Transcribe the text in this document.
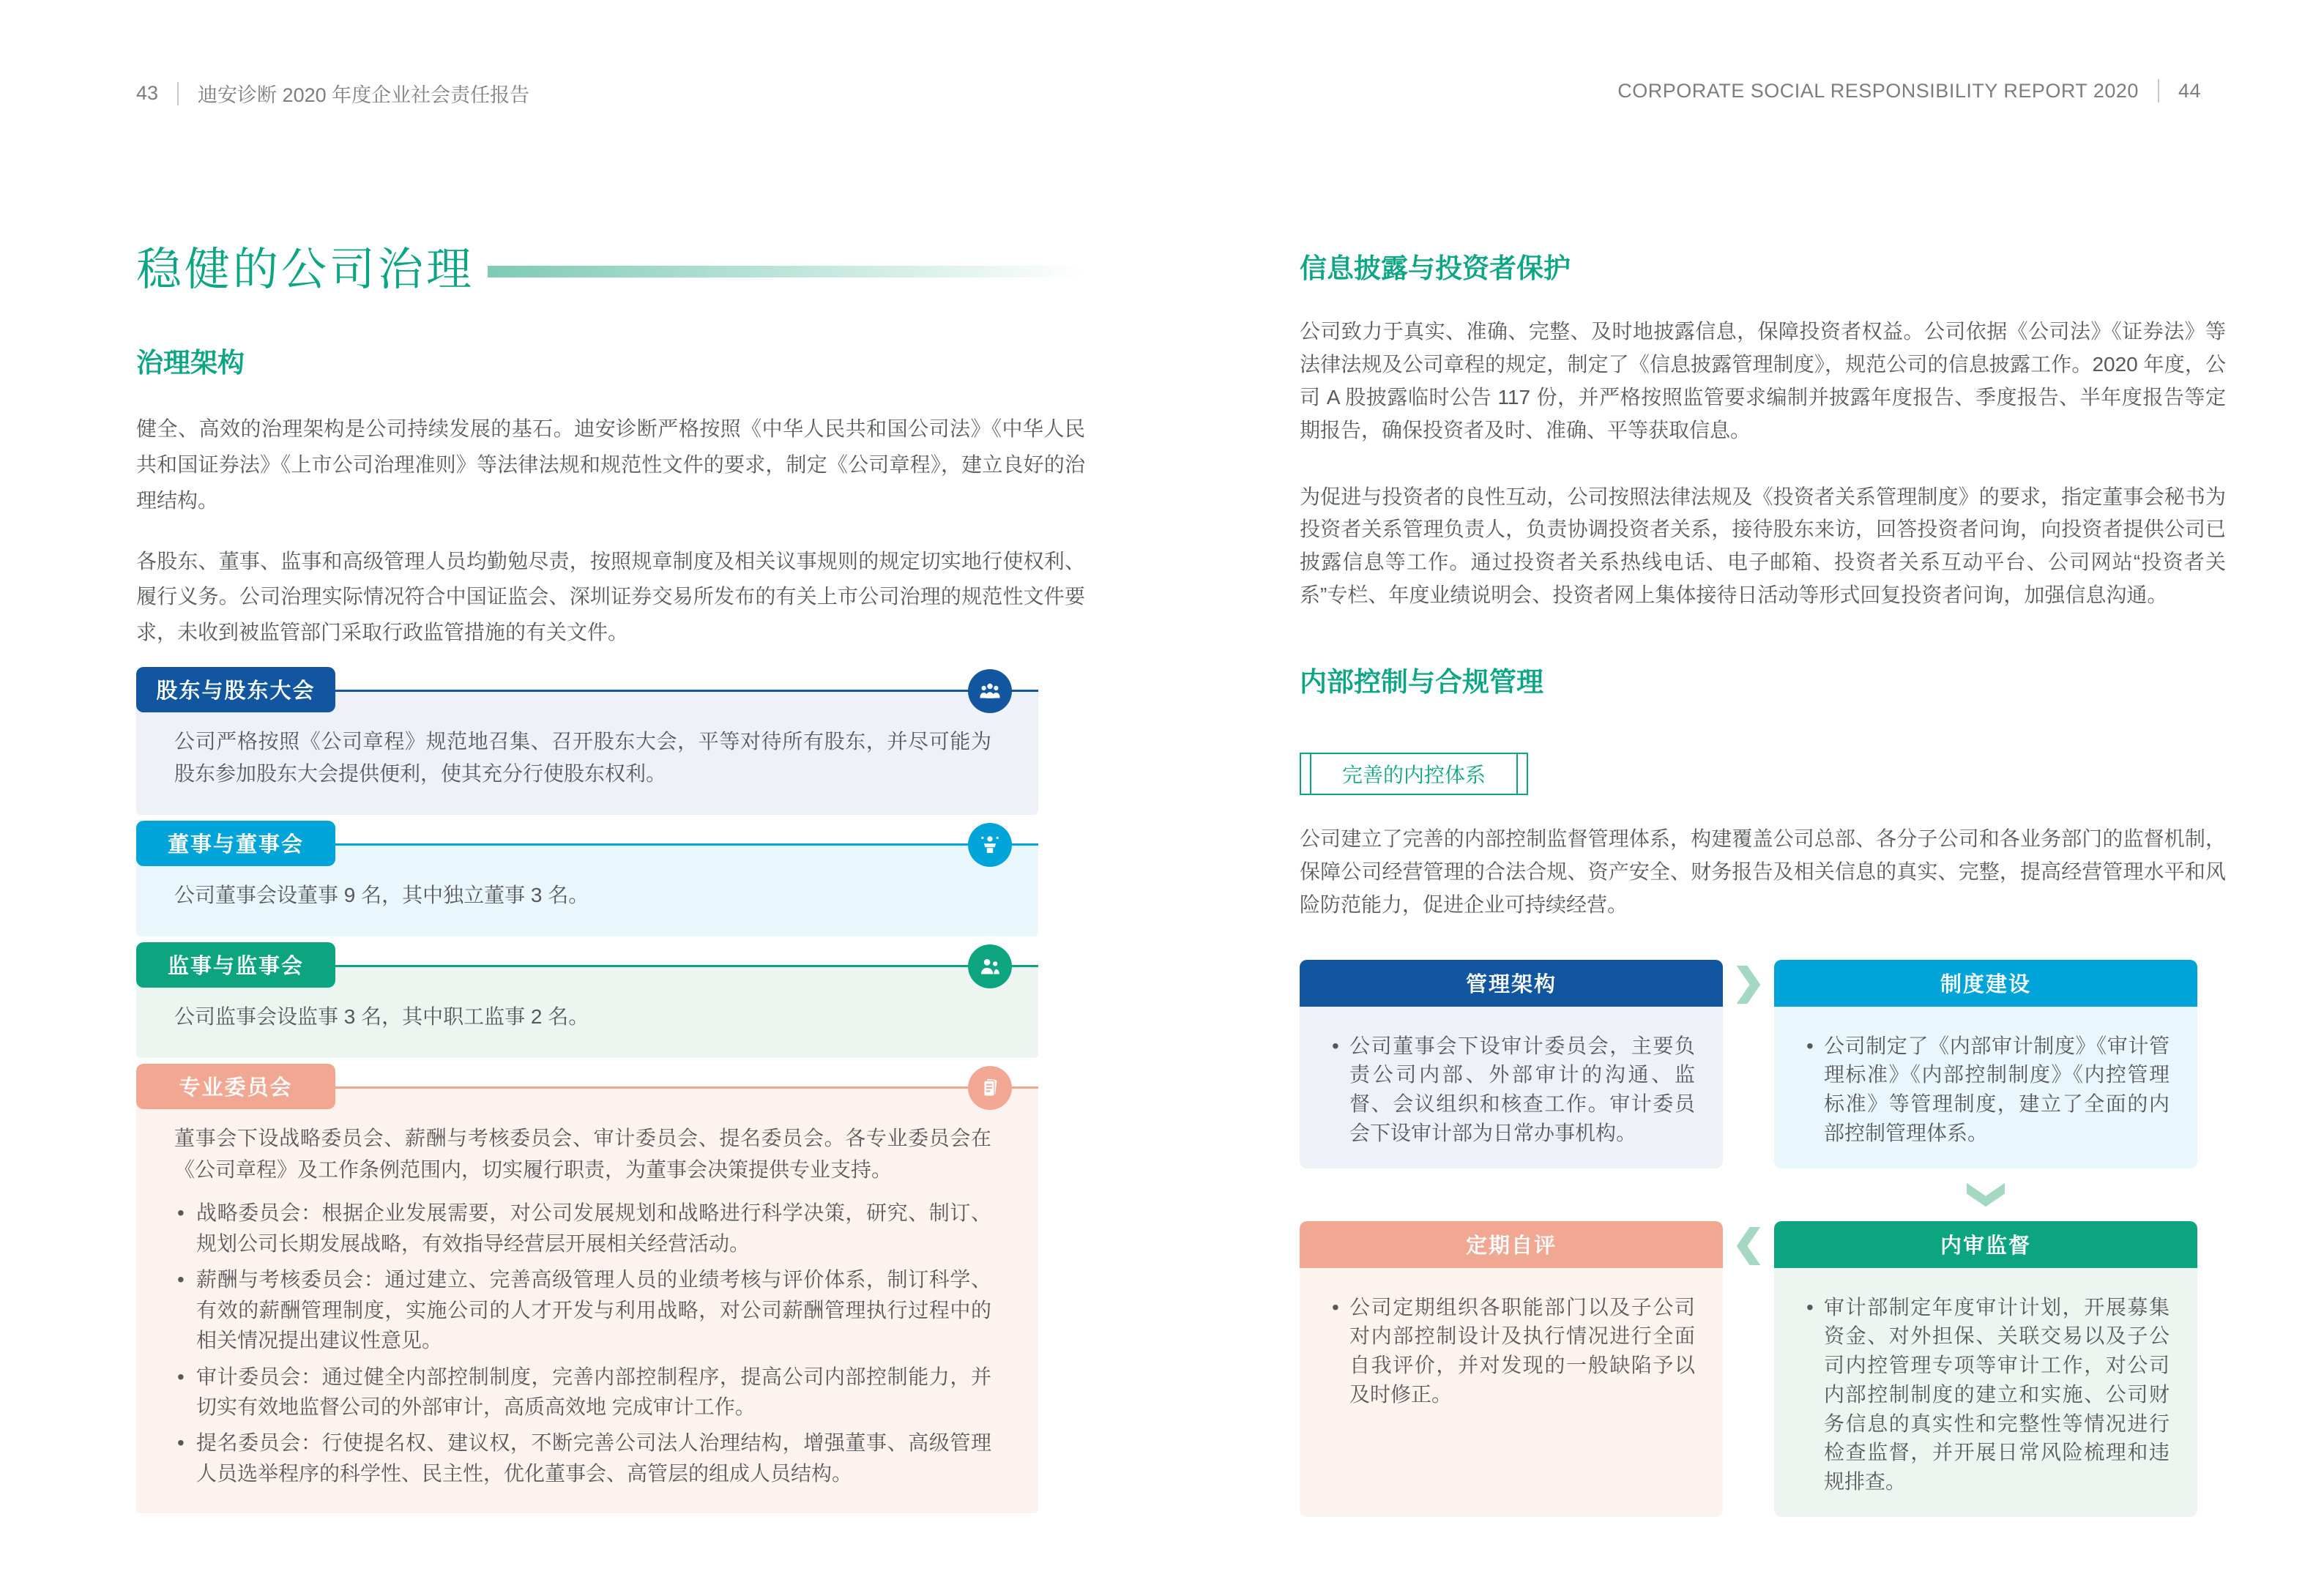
43 迪安诊断 2020 年度企业社会责任报告	CORPORATE SOCIAL RESPONSIBILITY REPORT 2020 44
稳健的公司治理
治理架构

健全、高效的治理架构是公司持续发展的基石。迪安诊断严格按照《中华人民共和国公司法》《中华人民共和国证券法》《上市公司治理准则》等法律法规和规范性文件的要求，制定《公司章程》，建立良好的治理结构。

各股东、董事、监事和高级管理人员均勤勉尽责，按照规章制度及相关议事规则的规定切实地行使权利、履行义务。公司治理实际情况符合中国证监会、深圳证券交易所发布的有关上市公司治理的规范性文件要求，未收到被监管部门采取行政监管措施的有关文件。

股东与股东大会

公司严格按照《公司章程》规范地召集、召开股东大会，平等对待所有股东，并尽可能为股东参加股东大会提供便利，使其充分行使股东权利。

董事与董事会

公司董事会设董事 9 名，其中独立董事 3 名。

监事与监事会

公司监事会设监事 3 名，其中职工监事 2 名。

专业委员会

董事会下设战略委员会、薪酬与考核委员会、审计委员会、提名委员会。各专业委员会在《公司章程》及工作条例范围内，切实履行职责，为董事会决策提供专业支持。

• 战略委员会：根据企业发展需要，对公司发展规划和战略进行科学决策，研究、制订、规划公司长期发展战略，有效指导经营层开展相关经营活动。
• 薪酬与考核委员会：通过建立、完善高级管理人员的业绩考核与评价体系，制订科学、有效的薪酬管理制度，实施公司的人才开发与利用战略，对公司薪酬管理执行过程中的相关情况提出建议性意见。
• 审计委员会：通过健全内部控制制度，完善内部控制程序，提高公司内部控制能力，并切实有效地监督公司的外部审计，高质高效地 完成审计工作。
• 提名委员会：行使提名权、建议权，不断完善公司法人治理结构，增强董事、高级管理人员选举程序的科学性、民主性，优化董事会、高管层的组成人员结构。
信息披露与投资者保护

公司致力于真实、准确、完整、及时地披露信息，保障投资者权益。公司依据《公司法》《证券法》等法律法规及公司章程的规定，制定了《信息披露管理制度》，规范公司的信息披露工作。2020 年度，公司 A 股披露临时公告 117 份，并严格按照监管要求编制并披露年度报告、季度报告、半年度报告等定期报告，确保投资者及时、准确、平等获取信息。

为促进与投资者的良性互动，公司按照法律法规及《投资者关系管理制度》的要求，指定董事会秘书为投资者关系管理负责人，负责协调投资者关系，接待股东来访，回答投资者问询，向投资者提供公司已披露信息等工作。通过投资者关系热线电话、电子邮箱、投资者关系互动平台、公司网站“投资者关系”专栏、年度业绩说明会、投资者网上集体接待日活动等形式回复投资者问询，加强信息沟通。

内部控制与合规管理
完善的内控体系

公司建立了完善的内部控制监督管理体系，构建覆盖公司总部、各分子公司和各业务部门的监督机制，保障公司经营管理的合法合规、资产安全、财务报告及相关信息的真实、完整，提高经营管理水平和风险防范能力，促进企业可持续经营。

管理架构
• 公司董事会下设审计委员会，主要负责公司内部、外部审计的沟通、监督、会议组织和核查工作。审计委员会下设审计部为日常办事机构。
制度建设
• 公司制定了《内部审计制度》《审计管理标准》《内部控制制度》《内控管理标准》等管理制度，建立了全面的内部控制管理体系。
定期自评
• 公司定期组织各职能部门以及子公司对内部控制设计及执行情况进行全面自我评价，并对发现的一般缺陷予以及时修正。
内审监督
• 审计部制定年度审计计划，开展募集资金、对外担保、关联交易以及子公司内控管理专项等审计工作，对公司内部控制制度的建立和实施、公司财务信息的真实性和完整性等情况进行检查监督，并开展日常风险梳理和违规排查。
